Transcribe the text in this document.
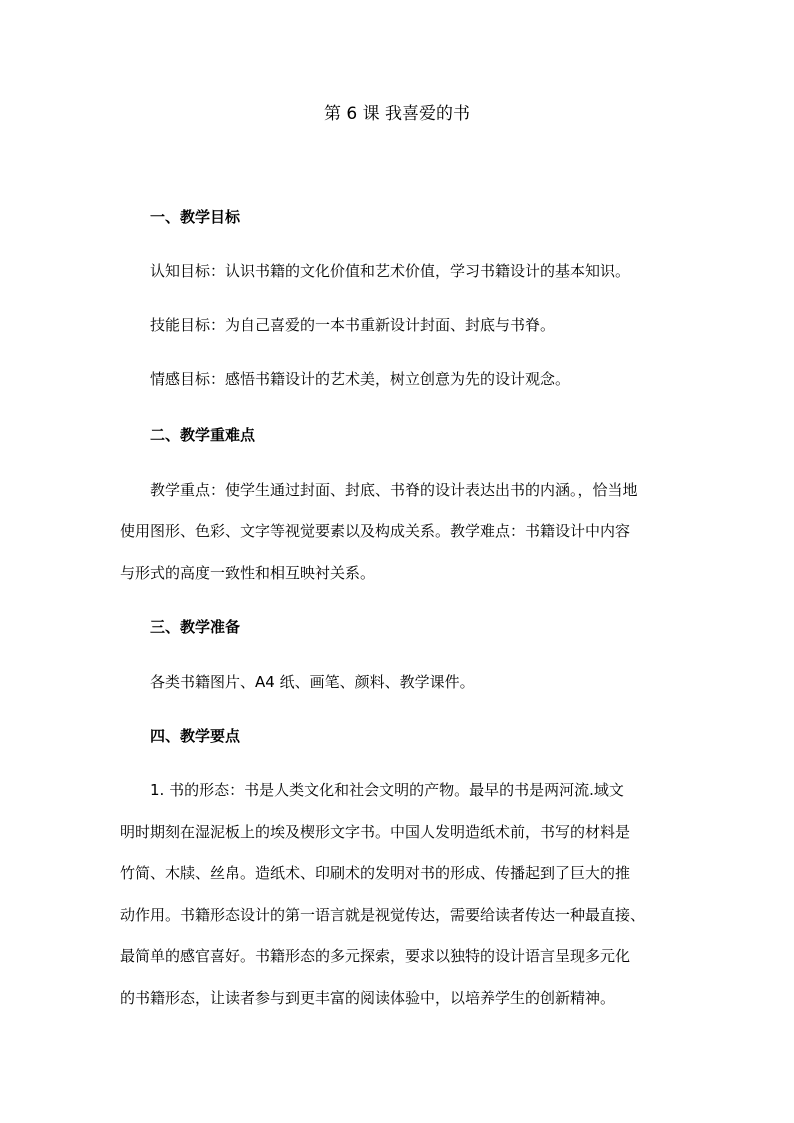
第 6 课 我喜爱的书
一、教学目标

认知目标：认识书籍的文化价值和艺术价值，学习书籍设计的基本知识。

技能目标：为自己喜爱的一本书重新设计封面、封底与书脊。

情感目标：感悟书籍设计的艺术美，树立创意为先的设计观念。

二、教学重难点

教学重点：使学生通过封面、封底、书脊的设计表达出书的内涵。，恰当地

使用图形、色彩、文字等视觉要素以及构成关系。教学难点：书籍设计中内容

与形式的高度一致性和相互映衬关系。

三、教学准备

各类书籍图片、A4 纸、画笔、颜料、教学课件。

四、教学要点

1. 书的形态：书是人类文化和社会文明的产物。最早的书是两河流.域文

明时期刻在湿泥板上的埃及楔形文字书。中国人发明造纸术前，书写的材料是

竹简、木牍、丝帛。造纸术、印刷术的发明对书的形成、传播起到了巨大的推

动作用。书籍形态设计的第一语言就是视觉传达，需要给读者传达一种最直接、

最简单的感官喜好。书籍形态的多元探索，要求以独特的设计语言呈现多元化

的书籍形态，让读者参与到更丰富的阅读体验中，以培养学生的创新精神。
